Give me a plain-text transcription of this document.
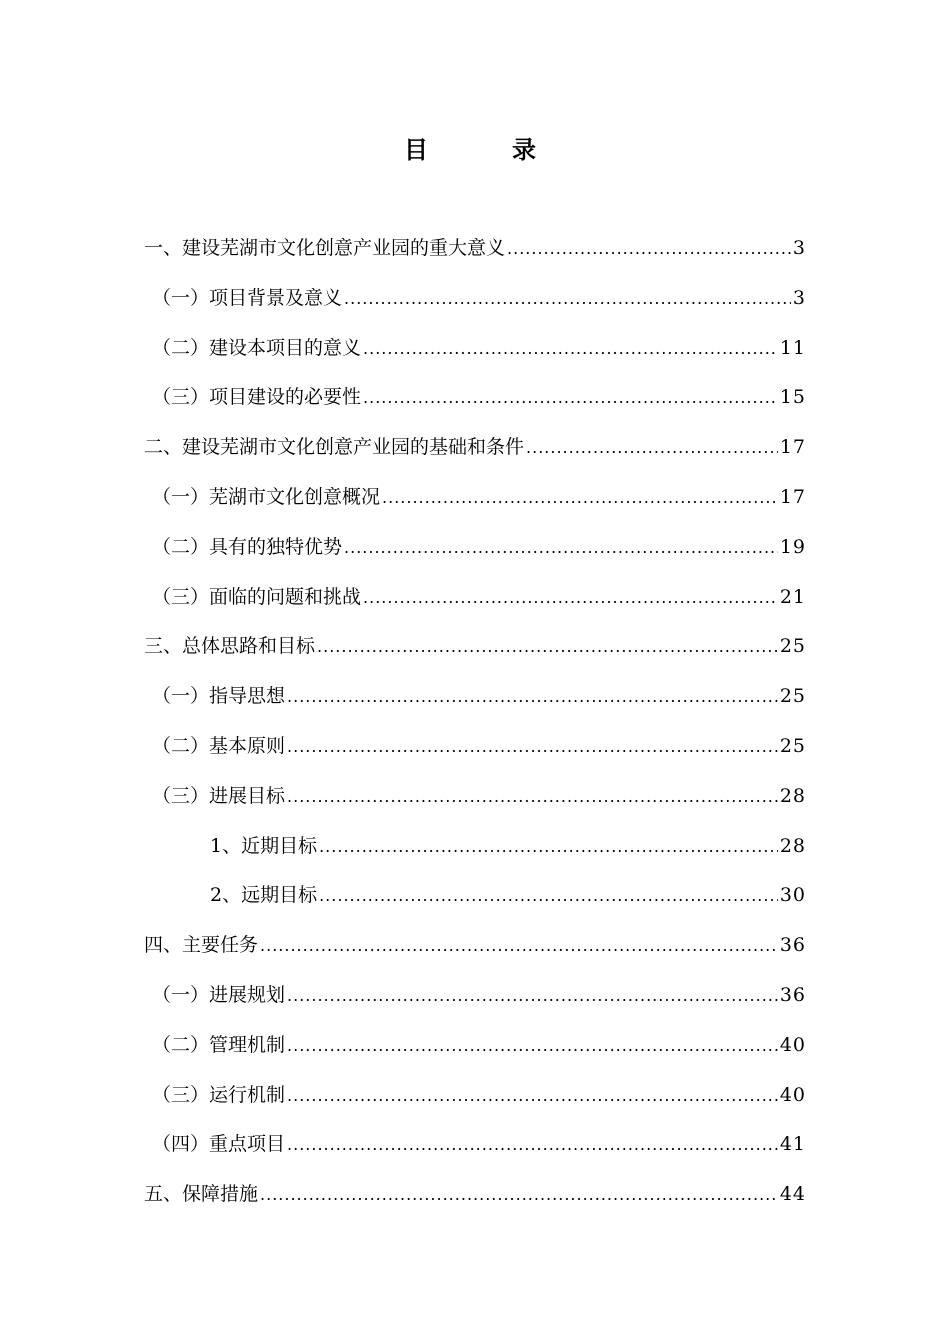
目　录
一、建设芜湖市文化创意产业园的重大意义 .....	3
（一）项目背景及意义 .....	3
（二）建设本项目的意义 .....	11
（三）项目建设的必要性 .....	15
二、建设芜湖市文化创意产业园的基础和条件 .....	17
（一）芜湖市文化创意概况 .....	17
（二）具有的独特优势 .....	19
（三）面临的问题和挑战 .....	21
三、总体思路和目标 .....	25
（一）指导思想 .....	25
（二）基本原则 .....	25
（三）进展目标 .....	28
1、近期目标 .....	28
2、远期目标 .....	30
四、主要任务 .....	36
（一）进展规划 .....	36
（二）管理机制 .....	40
（三）运行机制 .....	40
（四）重点项目 .....	41
五、保障措施 .....	44
